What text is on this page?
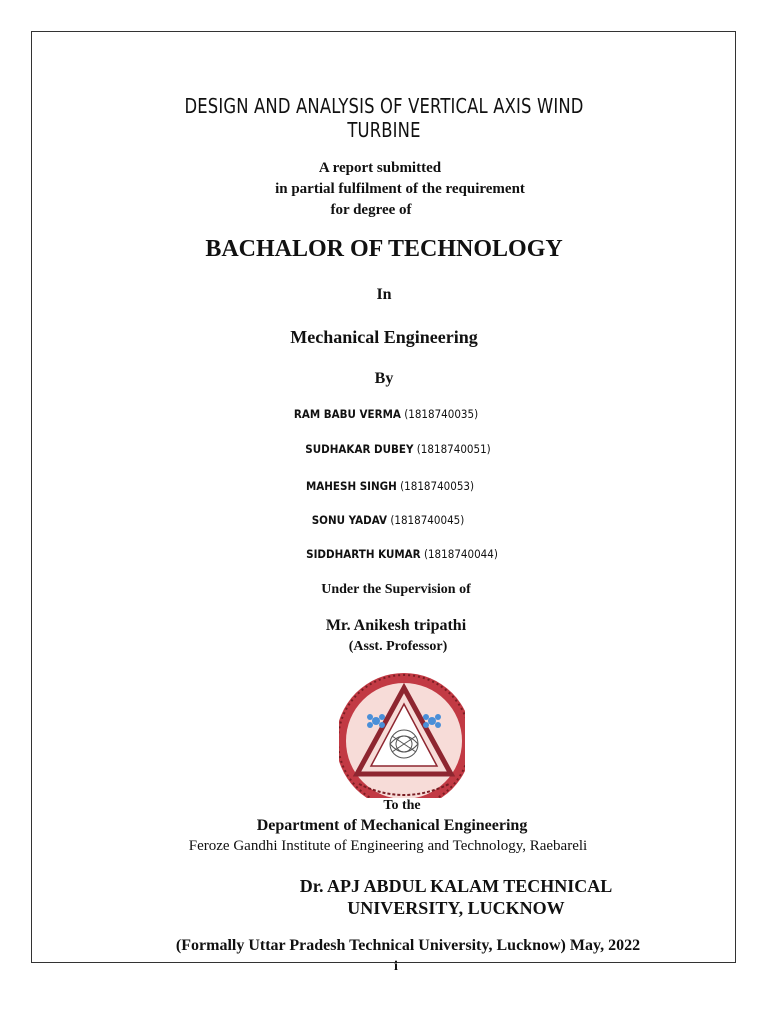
DESIGN AND ANALYSIS OF VERTICAL AXIS WIND
TURBINE
A report submitted
in partial fulfilment of the requirement
for degree of
BACHALOR OF TECHNOLOGY
In
Mechanical Engineering
By
RAM BABU VERMA (1818740035)
SUDHAKAR DUBEY (1818740051)
MAHESH SINGH (1818740053)
SONU YADAV (1818740045)
SIDDHARTH KUMAR (1818740044)
Under the Supervision of
Mr. Anikesh tripathi
(Asst. Professor)
To the
Department of Mechanical Engineering
Feroze Gandhi Institute of Engineering and Technology, Raebareli
Dr. APJ ABDUL KALAM TECHNICAL
UNIVERSITY, LUCKNOW
(Formally Uttar Pradesh Technical University, Lucknow) May, 2022
i
